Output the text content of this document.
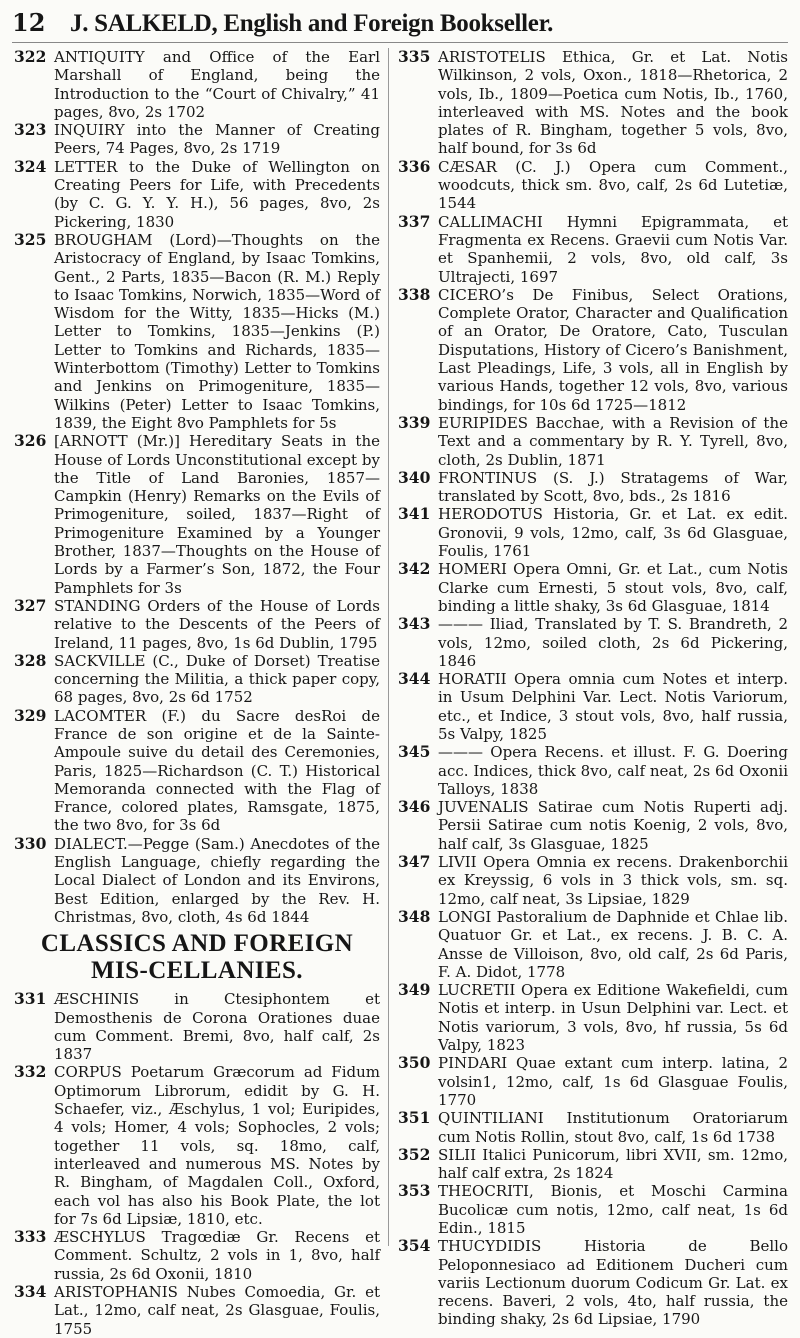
12 J. SALKELD, English and Foreign Bookseller.
322 ANTIQUITY and Office of the Earl Marshall of England, being the Introduction to the “Court of Chivalry,” 41 pages, 8vo, 2s 1702
323 INQUIRY into the Manner of Creating Peers, 74 Pages, 8vo, 2s 1719
324 LETTER to the Duke of Wellington on Creating Peers for Life, with Precedents (by C. G. Y. Y. H.), 56 pages, 8vo, 2s Pickering, 1830
325 BROUGHAM (Lord)—Thoughts on the Aristocracy of England, by Isaac Tomkins, Gent., 2 Parts, 1835—Bacon (R. M.) Reply to Isaac Tomkins, Norwich, 1835—Word of Wisdom for the Witty, 1835—Hicks (M.) Letter to Tomkins, 1835—Jenkins (P.) Letter to Tomkins and Richards, 1835—Winterbottom (Timothy) Letter to Tomkins and Jenkins on Primogeniture, 1835—Wilkins (Peter) Letter to Isaac Tomkins, 1839, the Eight 8vo Pamphlets for 5s
326 [ARNOTT (Mr.)] Hereditary Seats in the House of Lords Unconstitutional except by the Title of Land Baronies, 1857—Campkin (Henry) Remarks on the Evils of Primogeniture, soiled, 1837—Right of Primogeniture Examined by a Younger Brother, 1837—Thoughts on the House of Lords by a Farmer’s Son, 1872, the Four Pamphlets for 3s
327 STANDING Orders of the House of Lords relative to the Descents of the Peers of Ireland, 11 pages, 8vo, 1s 6d Dublin, 1795
328 SACKVILLE (C., Duke of Dorset) Treatise concerning the Militia, a thick paper copy, 68 pages, 8vo, 2s 6d 1752
329 LACOMTER (F.) du Sacre desRoi de France de son origine et de la Sainte-Ampoule suive du detail des Ceremonies, Paris, 1825—Richardson (C. T.) Historical Memoranda connected with the Flag of France, colored plates, Ramsgate, 1875, the two 8vo, for 3s 6d
330 DIALECT.—Pegge (Sam.) Anecdotes of the English Language, chiefly regarding the Local Dialect of London and its Environs, Best Edition, enlarged by the Rev. H. Christmas, 8vo, cloth, 4s 6d 1844
CLASSICS AND FOREIGN MIS-CELLANIES.
331 ÆSCHINIS in Ctesiphontem et Demosthenis de Corona Orationes duae cum Comment. Bremi, 8vo, half calf, 2s 1837
332 CORPUS Poetarum Græcorum ad Fidum Optimorum Librorum, edidit by G. H. Schaefer, viz., Æschylus, 1 vol; Euripides, 4 vols; Homer, 4 vols; Sophocles, 2 vols; together 11 vols, sq. 18mo, calf, interleaved and numerous MS. Notes by R. Bingham, of Magdalen Coll., Oxford, each vol has also his Book Plate, the lot for 7s 6d Lipsiæ, 1810, etc.
333 ÆSCHYLUS Tragœdiæ Gr. Recens et Comment. Schultz, 2 vols in 1, 8vo, half russia, 2s 6d Oxonii, 1810
334 ARISTOPHANIS Nubes Comoedia, Gr. et Lat., 12mo, calf neat, 2s Glasguae, Foulis, 1755
335 ARISTOTELIS Ethica, Gr. et Lat. Notis Wilkinson, 2 vols, Oxon., 1818—Rhetorica, 2 vols, Ib., 1809—Poetica cum Notis, Ib., 1760, interleaved with MS. Notes and the book plates of R. Bingham, together 5 vols, 8vo, half bound, for 3s 6d
336 CÆSAR (C. J.) Opera cum Comment., woodcuts, thick sm. 8vo, calf, 2s 6d Lutetiæ, 1544
337 CALLIMACHI Hymni Epigrammata, et Fragmenta ex Recens. Graevii cum Notis Var. et Spanhemii, 2 vols, 8vo, old calf, 3s Ultrajecti, 1697
338 CICERO’s De Finibus, Select Orations, Complete Orator, Character and Qualification of an Orator, De Oratore, Cato, Tusculan Disputations, History of Cicero’s Banishment, Last Pleadings, Life, 3 vols, all in English by various Hands, together 12 vols, 8vo, various bindings, for 10s 6d 1725—1812
339 EURIPIDES Bacchae, with a Revision of the Text and a commentary by R. Y. Tyrell, 8vo, cloth, 2s Dublin, 1871
340 FRONTINUS (S. J.) Stratagems of War, translated by Scott, 8vo, bds., 2s 1816
341 HERODOTUS Historia, Gr. et Lat. ex edit. Gronovii, 9 vols, 12mo, calf, 3s 6d Glasguae, Foulis, 1761
342 HOMERI Opera Omni, Gr. et Lat., cum Notis Clarke cum Ernesti, 5 stout vols, 8vo, calf, binding a little shaky, 3s 6d Glasguae, 1814
343 ——— Iliad, Translated by T. S. Brandreth, 2 vols, 12mo, soiled cloth, 2s 6d Pickering, 1846
344 HORATII Opera omnia cum Notes et interp. in Usum Delphini Var. Lect. Notis Variorum, etc., et Indice, 3 stout vols, 8vo, half russia, 5s Valpy, 1825
345 ——— Opera Recens. et illust. F. G. Doering acc. Indices, thick 8vo, calf neat, 2s 6d Oxonii Talloys, 1838
346 JUVENALIS Satirae cum Notis Ruperti adj. Persii Satirae cum notis Koenig, 2 vols, 8vo, half calf, 3s Glasguae, 1825
347 LIVII Opera Omnia ex recens. Drakenborchii ex Kreyssig, 6 vols in 3 thick vols, sm. sq. 12mo, calf neat, 3s Lipsiae, 1829
348 LONGI Pastoralium de Daphnide et Chlae lib. Quatuor Gr. et Lat., ex recens. J. B. C. A. Ansse de Villoison, 8vo, old calf, 2s 6d Paris, F. A. Didot, 1778
349 LUCRETII Opera ex Editione Wakefieldi, cum Notis et interp. in Usun Delphini var. Lect. et Notis variorum, 3 vols, 8vo, hf russia, 5s 6d Valpy, 1823
350 PINDARI Quae extant cum interp. latina, 2 volsin1, 12mo, calf, 1s 6d Glasguae Foulis, 1770
351 QUINTILIANI Institutionum Oratoriarum cum Notis Rollin, stout 8vo, calf, 1s 6d 1738
352 SILII Italici Punicorum, libri XVII, sm. 12mo, half calf extra, 2s 1824
353 THEOCRITI, Bionis, et Moschi Carmina Bucolicæ cum notis, 12mo, calf neat, 1s 6d Edin., 1815
354 THUCYDIDIS Historia de Bello Peloponnesiaco ad Editionem Ducheri cum variis Lectionum duorum Codicum Gr. Lat. ex recens. Baveri, 2 vols, 4to, half russia, the binding shaky, 2s 6d Lipsiae, 1790
